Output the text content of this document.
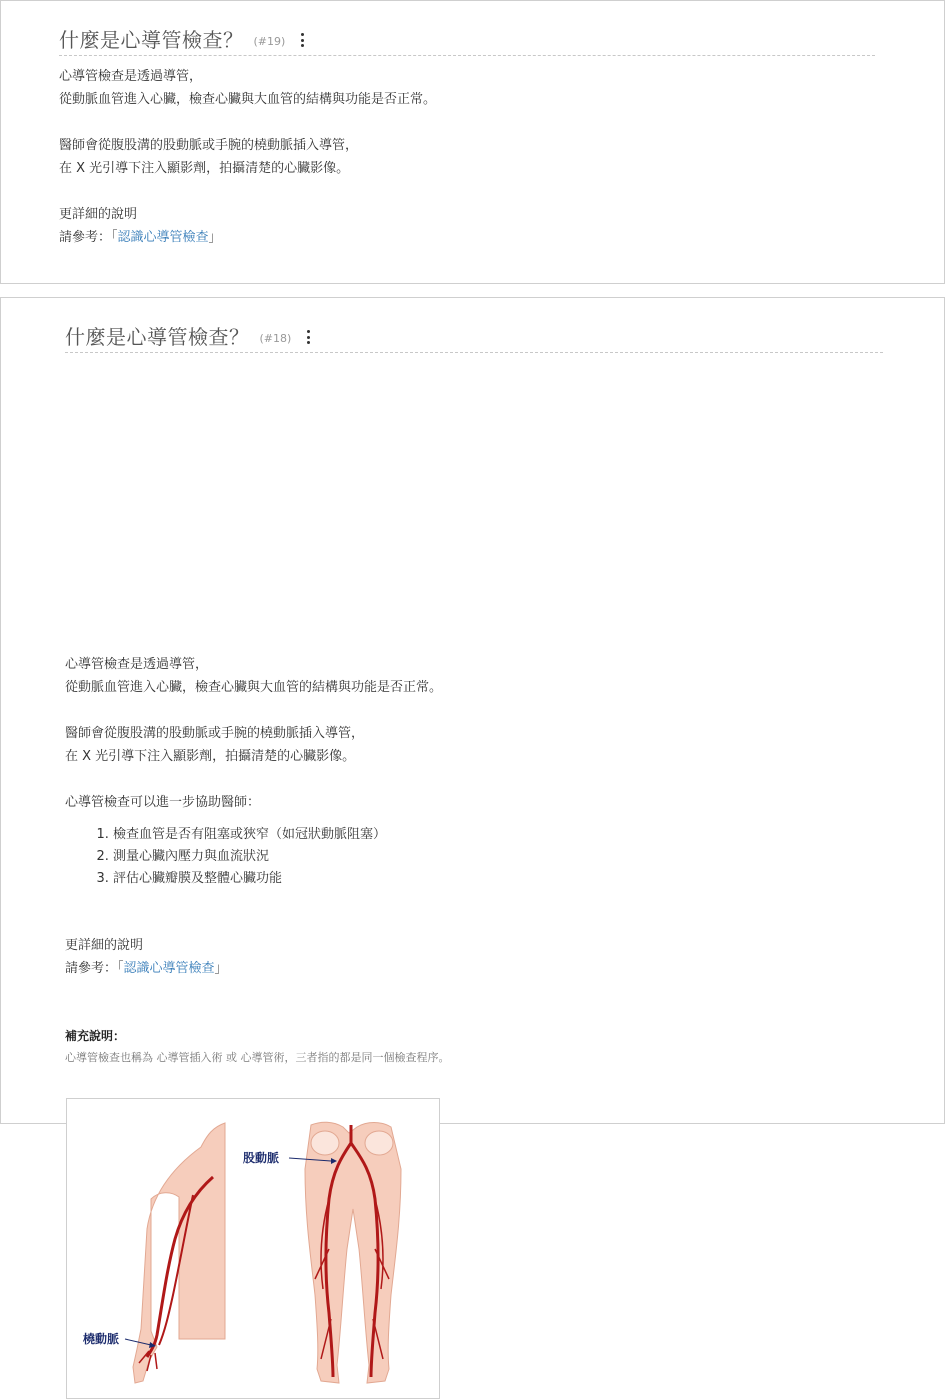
什麼是心導管檢查？ (#19)

心導管檢查是透過導管，

從動脈血管進入心臟，檢查心臟與大血管的結構與功能是否正常。

醫師會從腹股溝的股動脈或手腕的橈動脈插入導管，

在 X 光引導下注入顯影劑，拍攝清楚的心臟影像。

更詳細的說明

請參考：「認識心導管檢查」

什麼是心導管檢查？ (#18)

心導管檢查是透過導管，

從動脈血管進入心臟，檢查心臟與大血管的結構與功能是否正常。

醫師會從腹股溝的股動脈或手腕的橈動脈插入導管，

在 X 光引導下注入顯影劑，拍攝清楚的心臟影像。

心導管檢查可以進一步協助醫師：

1. 檢查血管是否有阻塞或狹窄（如冠狀動脈阻塞）
2. 測量心臟內壓力與血流狀況
3. 評估心臟瓣膜及整體心臟功能

更詳細的說明

請參考：「認識心導管檢查」

補充說明：
心導管檢查也稱為 心導管插入術 或 心導管術，三者指的都是同一個檢查程序。
股動脈
橈動脈
